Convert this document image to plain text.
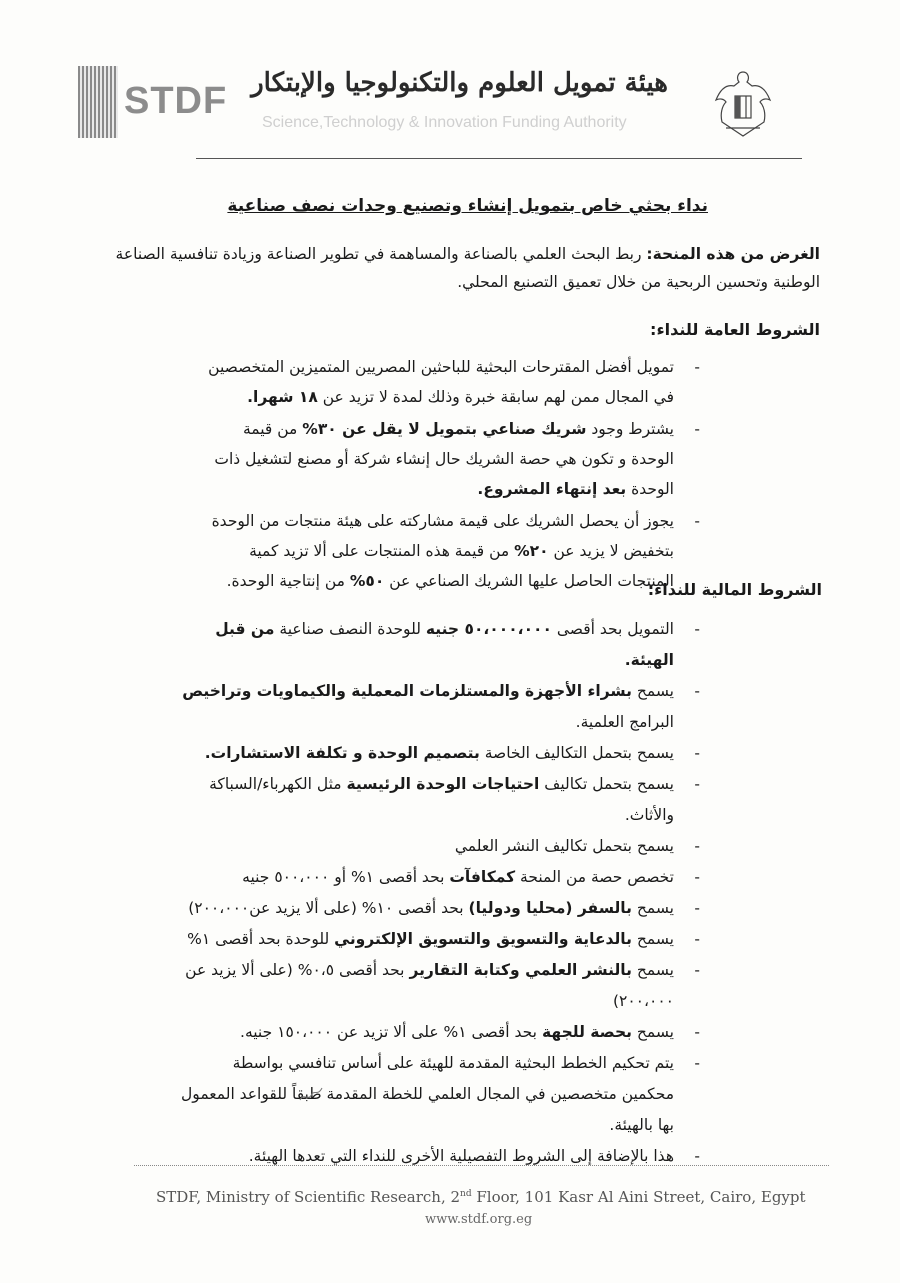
STDF هيئة تمويل العلوم والتكنولوجيا والإبتكار
Science,Technology & Innovation Funding Authority
نداء بحثي خاص بتمويل إنشاء وتصنيع وحدات نصف صناعية
الغرض من هذه المنحة: ربط البحث العلمي بالصناعة والمساهمة في تطوير الصناعة وزيادة تنافسية الصناعة الوطنية وتحسين الربحية من خلال تعميق التصنيع المحلي.
الشروط العامة للنداء:
-
تمويل أفضل المقترحات البحثية للباحثين المصريين المتميزين المتخصصين في المجال ممن لهم سابقة خبرة وذلك لمدة لا تزيد عن ١٨ شهرا.
-
يشترط وجود شريك صناعي بتمويل لا يقل عن ٣٠% من قيمة الوحدة و تكون هي حصة الشريك حال إنشاء شركة أو مصنع لتشغيل ذات الوحدة بعد إنتهاء المشروع.
-
يجوز أن يحصل الشريك على قيمة مشاركته على هيئة منتجات من الوحدة بتخفيض لا يزيد عن ٢٠% من قيمة هذه المنتجات على ألا تزيد كمية المنتجات الحاصل عليها الشريك الصناعي عن ٥٠% من إنتاجية الوحدة.	الشروط المالية للنداء:
-
التمويل بحد أقصى ٥٠،٠٠٠،٠٠٠ جنيه للوحدة النصف صناعية من قبل الهيئة.
-
يسمح بشراء الأجهزة والمستلزمات المعملية والكيماويات وتراخيص البرامج العلمية.
-
يسمح بتحمل التكاليف الخاصة بتصميم الوحدة و تكلفة الاستشارات.
-
يسمح بتحمل تكاليف احتياجات الوحدة الرئيسية مثل الكهرباء/السباكة والأثاث.
-
يسمح بتحمل تكاليف النشر العلمي
-
تخصص حصة من المنحة كمكافآت بحد أقصى ١% أو ٥٠٠،٠٠٠ جنيه
-
يسمح بالسفر (محليا ودوليا) بحد أقصى ١٠% (على ألا يزيد عن٢٠٠،٠٠٠)
-
يسمح بالدعاية والتسويق والتسويق الإلكتروني للوحدة بحد أقصى ١%
-
يسمح بالنشر العلمي وكتابة التقارير بحد أقصى ٠،٥% (على ألا يزيد عن ٢٠٠،٠٠٠)
-
يسمح بحصة للجهة بحد أقصى ١% على ألا تزيد عن ١٥٠،٠٠٠ جنيه.
-
يتم تحكيم الخطط البحثية المقدمة للهيئة على أساس تنافسي بواسطة محكمين متخصصين في المجال العلمي للخطة المقدمة طبقاً للقواعد المعمول بها بالهيئة.
-
هذا بالإضافة إلى الشروط التفصيلية الأخرى للنداء التي تعدها الهيئة.
STDF, Ministry of Scientific Research, 2nd Floor, 101 Kasr Al Aini Street, Cairo, Egypt
www.stdf.org.eg
